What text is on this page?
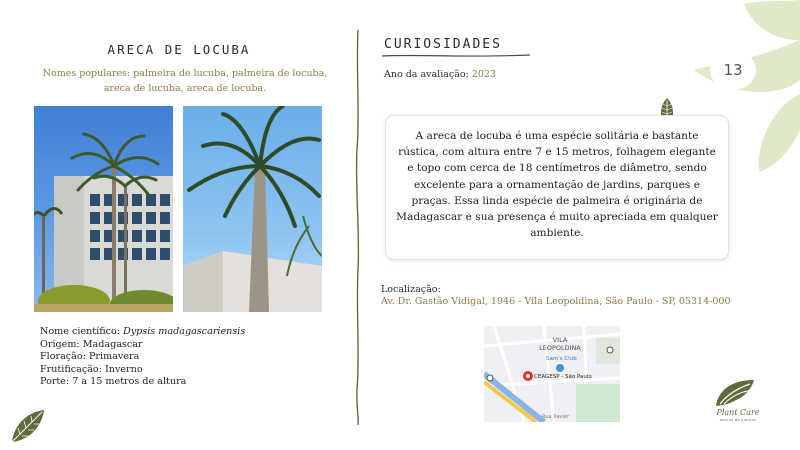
ARECA DE LOCUBA
Nomes populares: palmeira de lucuba, palmeira de locuba, areca de lucuba, areca de locuba.
Nome científico: Dypsis madagascariensis
Origem: Madagascar
Floração: Primavera
Frutificação: Inverno
Porte: 7 a 15 metros de altura
CURIOSIDADES
Ano da avaliação: 2023	13
A areca de locuba é uma espécie solitária e bastante rústica, com altura entre 7 e 15 metros, folhagem elegante e topo com cerca de 18 centímetros de diâmetro, sendo excelente para a ornamentação de jardins, parques e praças. Essa linda espécie de palmeira é originária de Madagascar e sua presença é muito apreciada em qualquer ambiente.
Localização:
Av. Dr. Gastão Vidigal, 1946 - Vila Leopoldina, São Paulo - SP, 05314-000
VILA LEOPOLDINA
Sam's Club
CEAGESP - São Paulo
Rua Xavier	Plant Care
acervo de plantas
